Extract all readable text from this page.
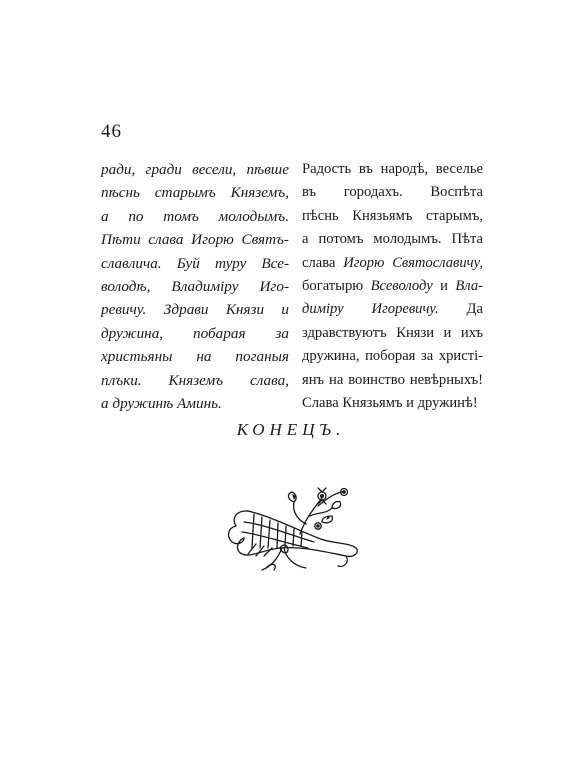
46
ради, гради весели, пѣвше
пѣснь старымъ Княземъ,
а по томъ молодымъ.
Пѣти слава Игорю Святъ-
славлича. Буй туру Все-
володѣ, Владиміру Иго-
ревичу. Здрави Князи и
дружина, побарая за
христьяны на поганыя
плъки. Княземъ слава,
а дружинѣ Аминь.
Радость въ народѣ, веселье
въ городахъ. Воспѣта
пѣснь Князьямъ старымъ,
а потомъ молодымъ. Пѣта
слава Игорю Святославичу,
богатырю Всеволоду и Вла-
диміру Игоревичу. Да
здравствуютъ Князи и ихъ
дружина, поборая за христі-
янъ на воинство невѣрныхъ!
Слава Князьямъ и дружинѣ!
КОНЕЦЪ.
